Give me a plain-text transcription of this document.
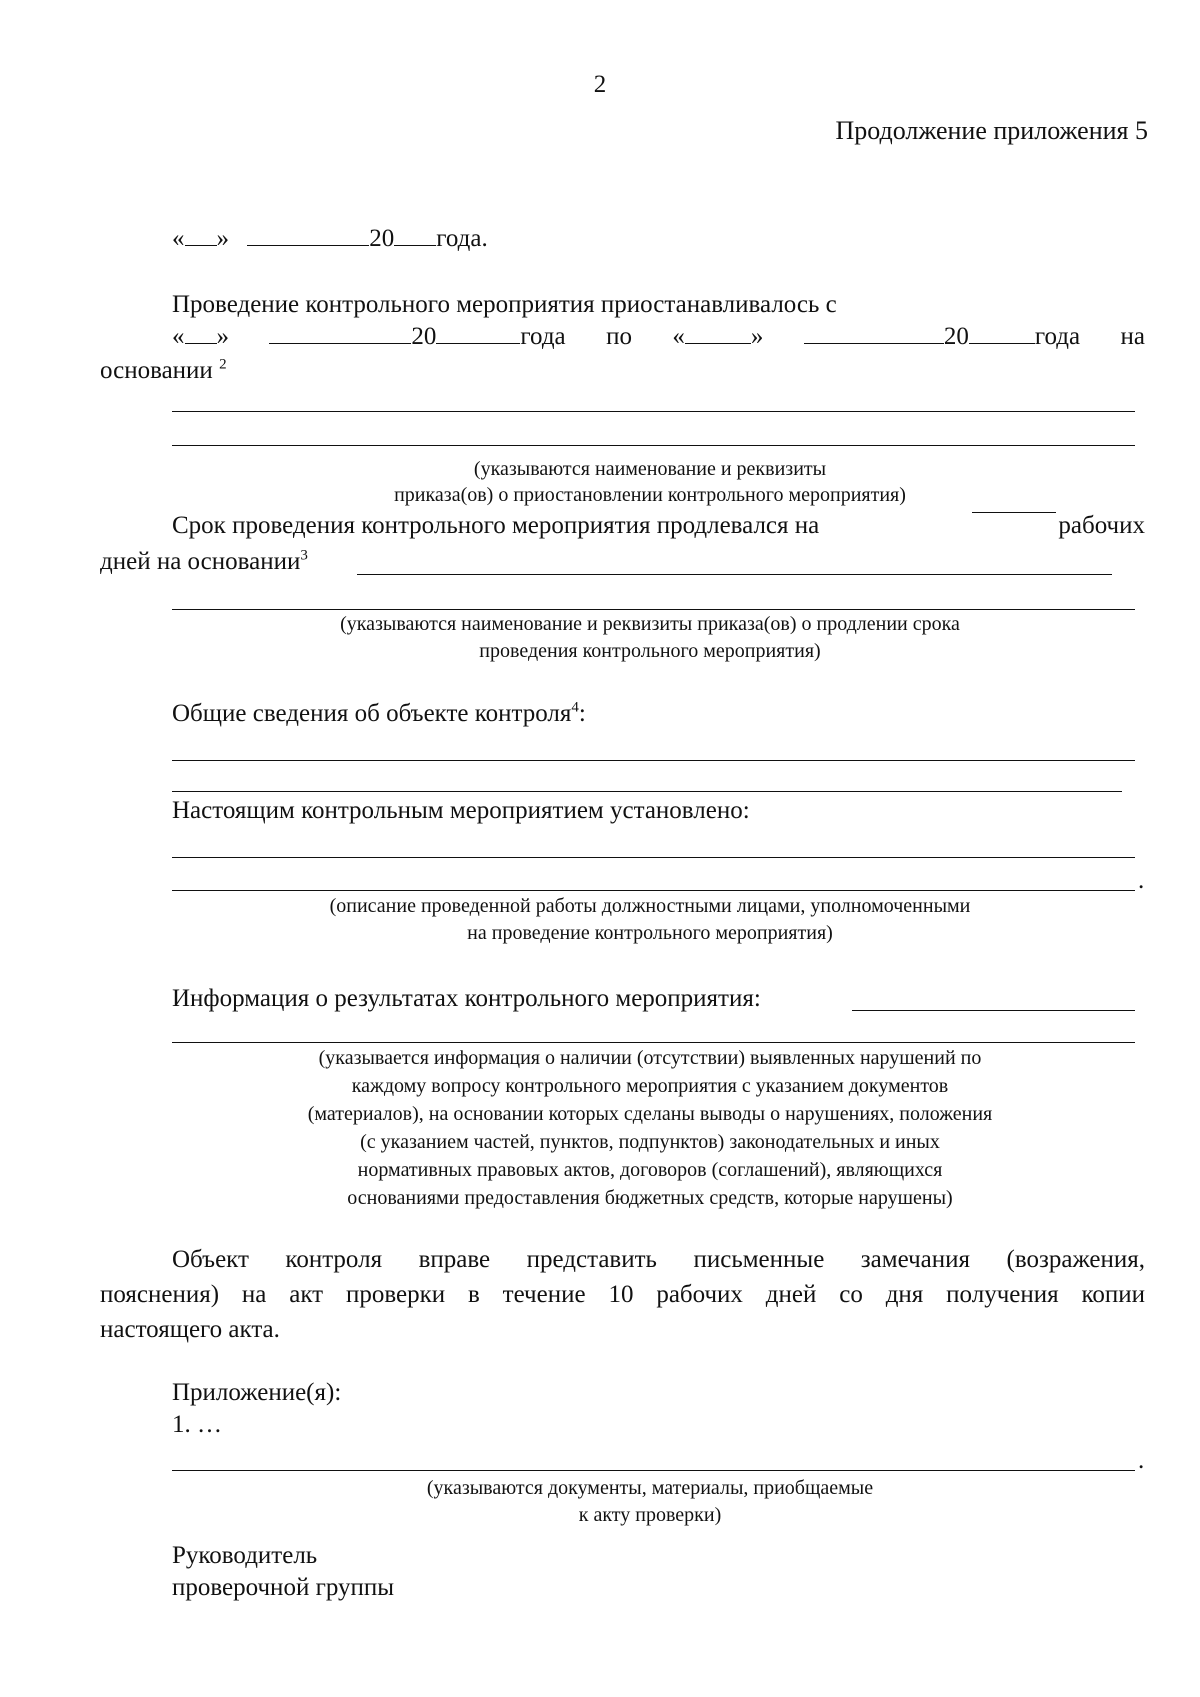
2
Продолжение приложения 5
« »	20 года.
Проведение контрольного мероприятия приостанавливалось с
« »	20	года по «	»	20	года на
основании $^2$
(указываются наименование и реквизиты
приказа(ов) о приостановлении контрольного мероприятия)
Срок проведения контрольного мероприятия продлевался на	рабочих
дней на основании$^3$
(указываются наименование и реквизиты приказа(ов) о продлении срока
проведения контрольного мероприятия)
Общие сведения об объекте контроля$^4$:
Настоящим контрольным мероприятием установлено:
.
(описание проведенной работы должностными лицами, уполномоченными
на проведение контрольного мероприятия)
Информация о результатах контрольного мероприятия:
(указывается информация о наличии (отсутствии) выявленных нарушений по
каждому вопросу контрольного мероприятия с указанием документов
(материалов), на основании которых сделаны выводы о нарушениях, положения
(с указанием частей, пунктов, подпунктов) законодательных и иных
нормативных правовых актов, договоров (соглашений), являющихся
основаниями предоставления бюджетных средств, которые нарушены)
Объект контроля вправе представить письменные замечания (возражения,
пояснения) на акт проверки в течение 10 рабочих дней со дня получения копии
настоящего акта.
Приложение(я):
1. …
.
(указываются документы, материалы, приобщаемые
к акту проверки)
Руководитель
проверочной группы
